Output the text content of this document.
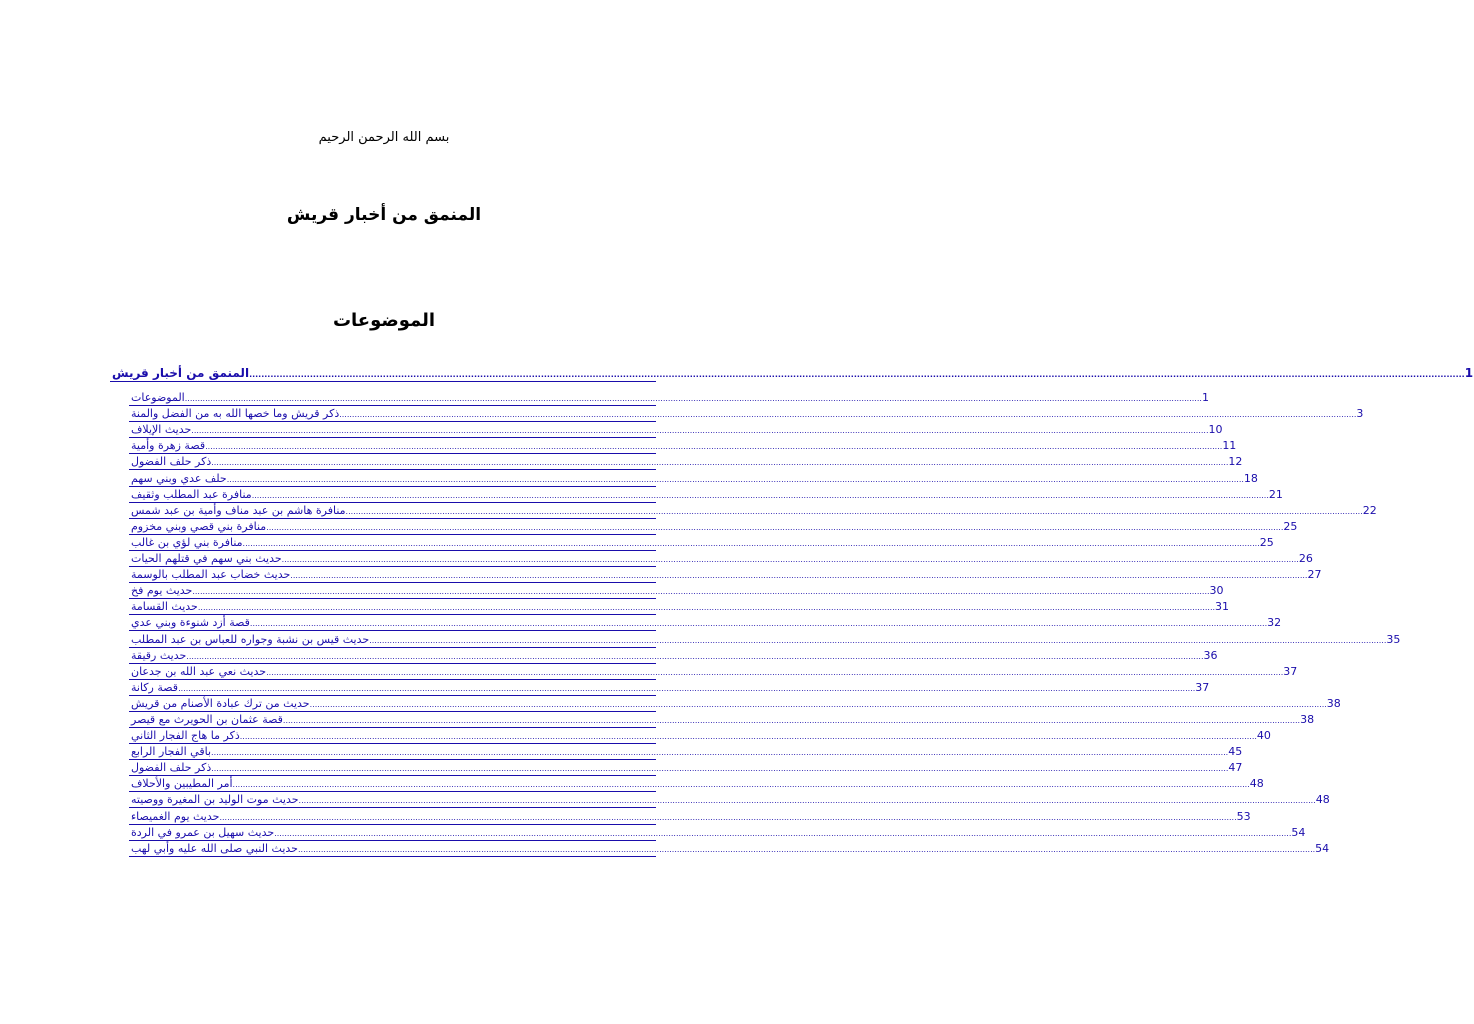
بسم الله الرحمن الرحيم
المنمق من أخبار قريش
الموضوعات
المنمق من أخبار قريش ................................................................................................................................................................................................................................................................................................................................................................................................................ 1
الموضوعات ................................................................................................................................................................................................................................................................................................................................................................................................................ 1
ذكر قريش وما خصها الله به من الفضل والمنة ................................................................................................................................................................................................................................................................................................................................................................................................................ 3
حديث الإيلاف ................................................................................................................................................................................................................................................................................................................................................................................................................ 10
قصة زهرة وأمية ................................................................................................................................................................................................................................................................................................................................................................................................................ 11
ذكر حلف الفضول ................................................................................................................................................................................................................................................................................................................................................................................................................ 12
حلف عدي وبني سهم ................................................................................................................................................................................................................................................................................................................................................................................................................ 18
منافرة عبد المطلب وثقيف ................................................................................................................................................................................................................................................................................................................................................................................................................ 21
منافرة هاشم بن عبد مناف وأمية بن عبد شمس ................................................................................................................................................................................................................................................................................................................................................................................................................ 22
منافرة بني قصي وبني مخزوم ................................................................................................................................................................................................................................................................................................................................................................................................................ 25
منافرة بني لؤي بن غالب ................................................................................................................................................................................................................................................................................................................................................................................................................ 25
حديث بني سهم في قتلهم الحيات ................................................................................................................................................................................................................................................................................................................................................................................................................ 26
حديث خضاب عبد المطلب بالوسمة ................................................................................................................................................................................................................................................................................................................................................................................................................ 27
حديث يوم فخ ................................................................................................................................................................................................................................................................................................................................................................................................................ 30
حديث القسامة ................................................................................................................................................................................................................................................................................................................................................................................................................ 31
قصة أزد شنوءة وبني عدي ................................................................................................................................................................................................................................................................................................................................................................................................................ 32
حديث قيس بن نشبة وجواره للعباس بن عبد المطلب ................................................................................................................................................................................................................................................................................................................................................................................................................ 35
حديث رقيقة ................................................................................................................................................................................................................................................................................................................................................................................................................ 36
حديث نعي عبد الله بن جدعان ................................................................................................................................................................................................................................................................................................................................................................................................................ 37
قصة ركانة ................................................................................................................................................................................................................................................................................................................................................................................................................ 37
حديث من ترك عبادة الأصنام من قريش ................................................................................................................................................................................................................................................................................................................................................................................................................ 38
قصة عثمان بن الحويرث مع قيصر ................................................................................................................................................................................................................................................................................................................................................................................................................ 38
ذكر ما هاج الفجار الثاني ................................................................................................................................................................................................................................................................................................................................................................................................................ 40
باقي الفجار الرابع ................................................................................................................................................................................................................................................................................................................................................................................................................ 45
ذكر حلف الفضول ................................................................................................................................................................................................................................................................................................................................................................................................................ 47
أمر المطيبين والأحلاف ................................................................................................................................................................................................................................................................................................................................................................................................................ 48
حديث موت الوليد بن المغيرة ووصيته ................................................................................................................................................................................................................................................................................................................................................................................................................ 48
حديث يوم الغميصاء ................................................................................................................................................................................................................................................................................................................................................................................................................ 53
حديث سهيل بن عمرو في الردة ................................................................................................................................................................................................................................................................................................................................................................................................................ 54
حديث النبي صلى الله عليه وأبي لهب ................................................................................................................................................................................................................................................................................................................................................................................................................ 54
